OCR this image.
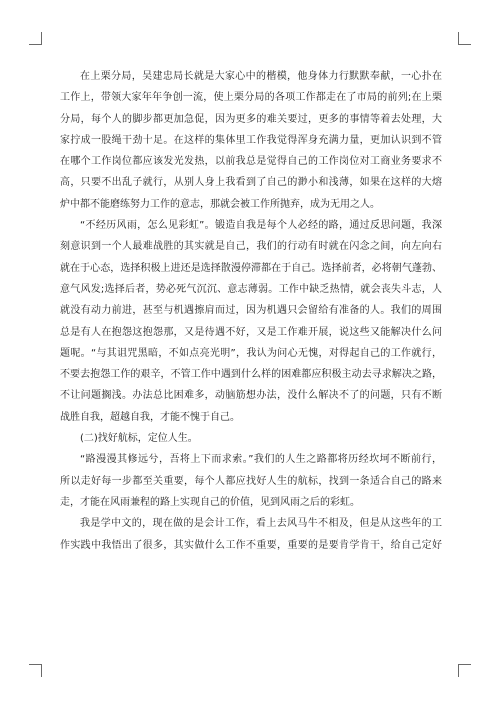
在上栗分局，吴建忠局长就是大家心中的楷模，他身体力行默默奉献，一心扑在
工作上，带领大家年年争创一流，使上栗分局的各项工作都走在了市局的前列;在上栗
分局，每个人的脚步都更加急促，因为更多的难关要过，更多的事情等着去处理，大
家拧成一股绳干劲十足。在这样的集体里工作我觉得浑身充满力量，更加认识到不管
在哪个工作岗位都应该发光发热，以前我总是觉得自己的工作岗位对工商业务要求不
高，只要不出乱子就行，从别人身上我看到了自己的渺小和浅薄，如果在这样的大熔
炉中都不能磨练努力工作的意志，那就会被工作所抛弃，成为无用之人。
“不经历风雨，怎么见彩虹”。锻造自我是每个人必经的路，通过反思问题，我深
刻意识到一个人最难战胜的其实就是自己，我们的行动有时就在闪念之间，向左向右
就在于心态，选择积极上进还是选择散漫停滞都在于自己。选择前者，必将朝气蓬勃、
意气风发;选择后者，势必死气沉沉、意志薄弱。工作中缺乏热情，就会丧失斗志，人
就没有动力前进，甚至与机遇擦肩而过，因为机遇只会留给有准备的人。我们的周围
总是有人在抱怨这抱怨那，又是待遇不好，又是工作难开展，说这些又能解决什么问
题呢。“与其诅咒黑暗，不如点亮光明”，我认为问心无愧，对得起自己的工作就行，
不要去抱怨工作的艰辛，不管工作中遇到什么样的困难都应积极主动去寻求解决之路，
不让问题搁浅。办法总比困难多，动脑筋想办法，没什么解决不了的问题，只有不断
战胜自我，超越自我，才能不愧于自己。
(二)找好航标，定位人生。
“路漫漫其修远兮，吾将上下而求索。”我们的人生之路都将历经坎坷不断前行，
所以走好每一步都至关重要，每个人都应找好人生的航标，找到一条适合自己的路来
走，才能在风雨兼程的路上实现自己的价值，见到风雨之后的彩虹。
我是学中文的，现在做的是会计工作，看上去风马牛不相及，但是从这些年的工
作实践中我悟出了很多，其实做什么工作不重要，重要的是要肯学肯干，给自己定好
